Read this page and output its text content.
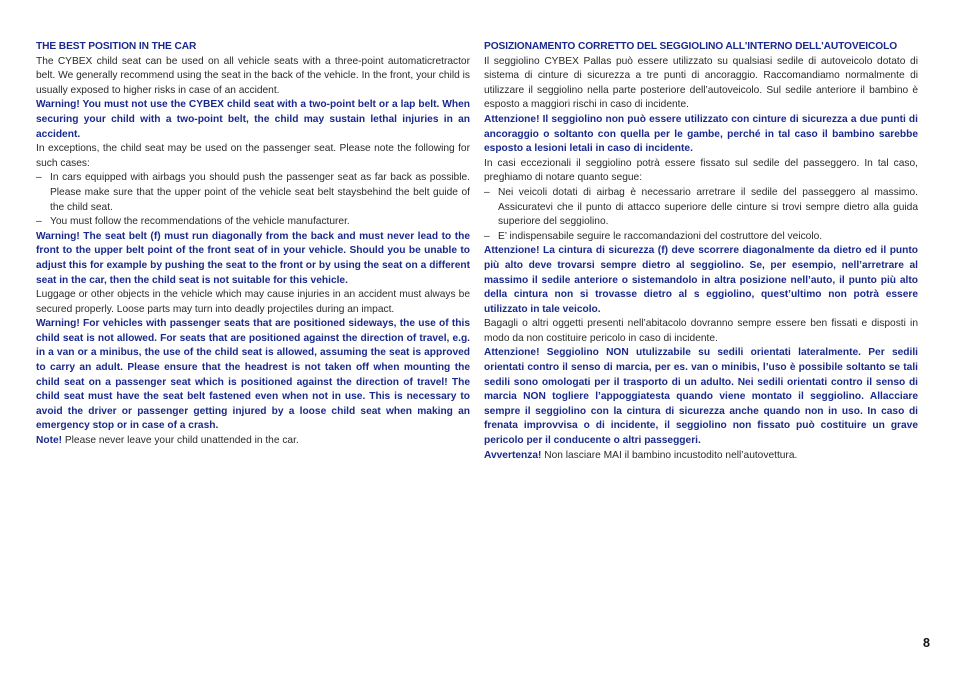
THE BEST POSITION IN THE CAR

The CYBEX child seat can be used on all vehicle seats with a three-point automaticretractor belt. We generally recommend using the seat in the back of the vehicle. In the front, your child is usually exposed to higher risks in case of an accident.

Warning! You must not use the CYBEX child seat with a two-point belt or a lap belt. When securing your child with a two-point belt, the child may sustain lethal injuries in an accident.

In exceptions, the child seat may be used on the passenger seat. Please note the following for such cases:

– In cars equipped with airbags you should push the passenger seat as far back as possible. Please make sure that the upper point of the vehicle seat belt staysbehind the belt guide of the child seat.
– You must follow the recommendations of the vehicle manufacturer.

Warning! The seat belt (f) must run diagonally from the back and must never lead to the front to the upper belt point of the front seat of in your vehicle. Should you be unable to adjust this for example by pushing the seat to the front or by using the seat on a different seat in the car, then the child seat is not suitable for this vehicle.

Luggage or other objects in the vehicle which may cause injuries in an accident must always be secured properly. Loose parts may turn into deadly projectiles during an impact.

Warning! For vehicles with passenger seats that are positioned sideways, the use of this child seat is not allowed. For seats that are positioned against the direction of travel, e.g. in a van or a minibus, the use of the child seat is allowed, assuming the seat is approved to carry an adult. Please ensure that the headrest is not taken off when mounting the child seat on a passenger seat which is positioned against the direction of travel! The child seat must have the seat belt fastened even when not in use. This is necessary to avoid the driver or passenger getting injured by a loose child seat when making an emergency stop or in case of a crash.

Note! Please never leave your child unattended in the car.

POSIZIONAMENTO CORRETTO DEL SEGGIOLINO ALL'INTERNO DELL'AUTOVEICOLO

Il seggiolino CYBEX Pallas può essere utilizzato su qualsiasi sedile di autoveicolo dotato di sistema di cinture di sicurezza a tre punti di ancoraggio. Raccomandiamo normalmente di utilizzare il seggiolino nella parte posteriore dell’autoveicolo. Sul sedile anteriore il bambino è esposto a maggiori rischi in caso di incidente.

Attenzione! Il seggiolino non può essere utilizzato con cinture di sicurezza a due punti di ancoraggio o soltanto con quella per le gambe, perché in tal caso il bambino sarebbe esposto a lesioni letali in caso di incidente.

In casi eccezionali il seggiolino potrà essere fissato sul sedile del passeggero. In tal caso, preghiamo di notare quanto segue:

– Nei veicoli dotati di airbag è necessario arretrare il sedile del passeggero al massimo. Assicuratevi che il punto di attacco superiore delle cinture si trovi sempre dietro alla guida superiore del seggiolino.
– E’ indispensabile seguire le raccomandazioni del costruttore del veicolo.

Attenzione! La cintura di sicurezza (f) deve scorrere diagonalmente da dietro ed il punto più alto deve trovarsi sempre dietro al seggiolino. Se, per esempio, nell’arretrare al massimo il sedile anteriore o sistemandolo in altra posizione nell’auto, il punto più alto della cintura non si trovasse dietro al s eggiolino, quest’ultimo non potrà essere utilizzato in tale veicolo.

Bagagli o altri oggetti presenti nell’abitacolo dovranno sempre essere ben fissati e disposti in modo da non costituire pericolo in caso di incidente.

Attenzione! Seggiolino NON utulizzabile su sedili orientati lateralmente. Per sedili orientati contro il senso di marcia, per es. van o minibis, l’uso è possibile soltanto se tali sedili sono omologati per il trasporto di un adulto. Nei sedili orientati contro il senso di marcia NON togliere l’appoggiatesta quando viene montato il seggiolino. Allacciare sempre il seggiolino con la cintura di sicurezza anche quando non in uso. In caso di frenata improvvisa o di incidente, il seggiolino non fissato può costituire un grave pericolo per il conducente o altri passeggeri.

Avvertenza! Non lasciare MAI il bambino incustodito nell’autovettura.

8
